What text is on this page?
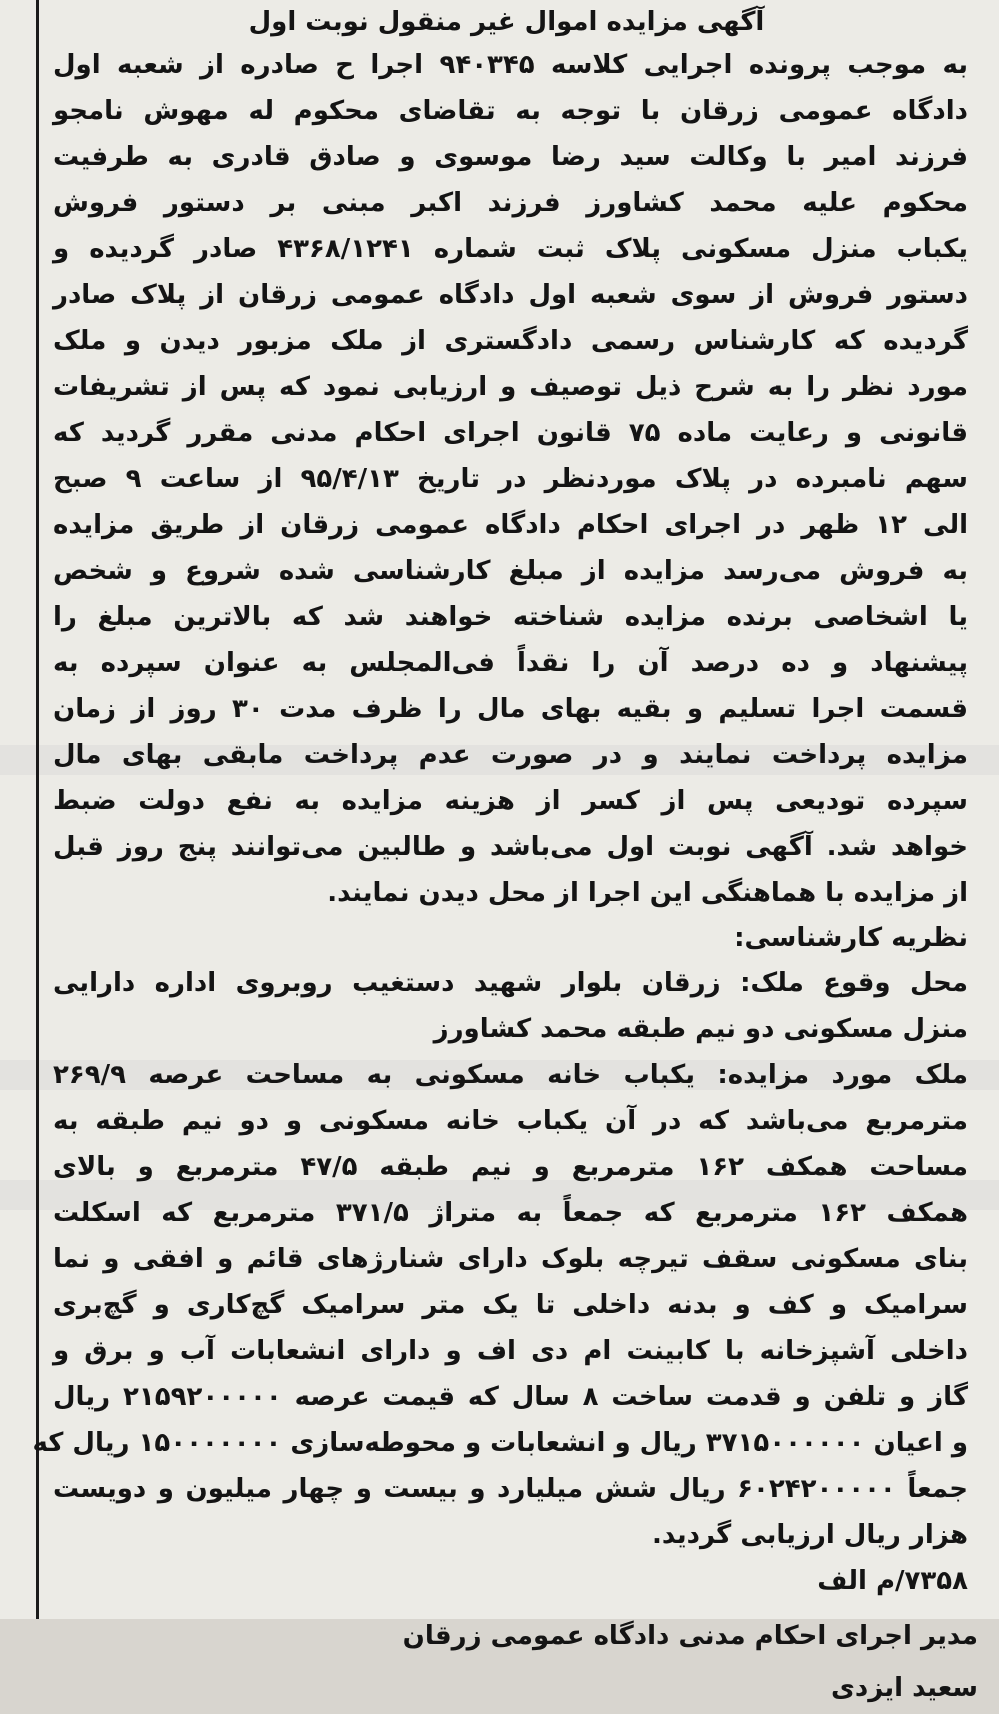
آگهی مزایده اموال غیر منقول نوبت اول
به موجب پرونده اجرایی کلاسه ۹۴۰۳۴۵ اجرا ح صادره از شعبه اول
دادگاه عمومی زرقان با توجه به تقاضای محکوم له مهوش نامجو
فرزند امیر با وکالت سید رضا موسوی و صادق قادری به طرفیت
محکوم علیه محمد کشاورز فرزند اکبر مبنی بر دستور فروش
یکباب منزل مسکونی پلاک ثبت شماره ۴۳۶۸/۱۲۴۱ صادر گردیده و
دستور فروش از سوی شعبه اول دادگاه عمومی زرقان از پلاک صادر
گردیده که کارشناس رسمی دادگستری از ملک مزبور دیدن و ملک
مورد نظر را به شرح ذیل توصیف و ارزیابی نمود که پس از تشریفات
قانونی و رعایت ماده ۷۵ قانون اجرای احکام مدنی مقرر گردید که
سهم نامبرده در پلاک موردنظر در تاریخ ۹۵/۴/۱۳ از ساعت ۹ صبح
الی ۱۲ ظهر در اجرای احکام دادگاه عمومی زرقان از طریق مزایده
به فروش می‌رسد مزایده از مبلغ کارشناسی شده شروع و شخص
یا اشخاصی برنده مزایده شناخته خواهند شد که بالاترین مبلغ را
پیشنهاد و ده درصد آن را نقداً فی‌المجلس به عنوان سپرده به
قسمت اجرا تسلیم و بقیه بهای مال را ظرف مدت ۳۰ روز از زمان
مزایده پرداخت نمایند و در صورت عدم پرداخت مابقی بهای مال
سپرده تودیعی پس از کسر از هزینه مزایده به نفع دولت ضبط
خواهد شد. آگهی نوبت اول می‌باشد و طالبین می‌توانند پنج روز قبل
از مزایده با هماهنگی این اجرا از محل دیدن نمایند.
نظریه کارشناسی:
محل وقوع ملک: زرقان بلوار شهید دستغیب روبروی اداره دارایی
منزل مسکونی دو نیم طبقه محمد کشاورز
ملک مورد مزایده: یکباب خانه مسکونی به مساحت عرصه ۲۶۹/۹
مترمربع می‌باشد که در آن یکباب خانه مسکونی و دو نیم طبقه به
مساحت همکف ۱۶۲ مترمربع و نیم طبقه ۴۷/۵ مترمربع و بالای
همکف ۱۶۲ مترمربع که جمعاً به متراژ ۳۷۱/۵ مترمربع که اسکلت
بنای مسکونی سقف تیرچه بلوک دارای شنارژهای قائم و افقی و نما
سرامیک و کف و بدنه داخلی تا یک متر سرامیک گچ‌کاری و گچ‌بری
داخلی آشپزخانه با کابینت ام دی اف و دارای انشعابات آب و برق و
گاز و تلفن و قدمت ساخت ۸ سال که قیمت عرصه ۲۱۵۹۲۰۰۰۰۰ ریال
و اعیان ۳۷۱۵۰۰۰۰۰۰ ریال و انشعابات و محوطه‌سازی ۱۵۰۰۰۰۰۰۰ ریال که
جمعاً ۶۰۲۴۲۰۰۰۰۰ ریال شش میلیارد و بیست و چهار میلیون و دویست
هزار ریال ارزیابی گردید.
۷۳۵۸/م الف
مدیر اجرای احکام مدنی دادگاه عمومی زرقان
سعید ایزدی
